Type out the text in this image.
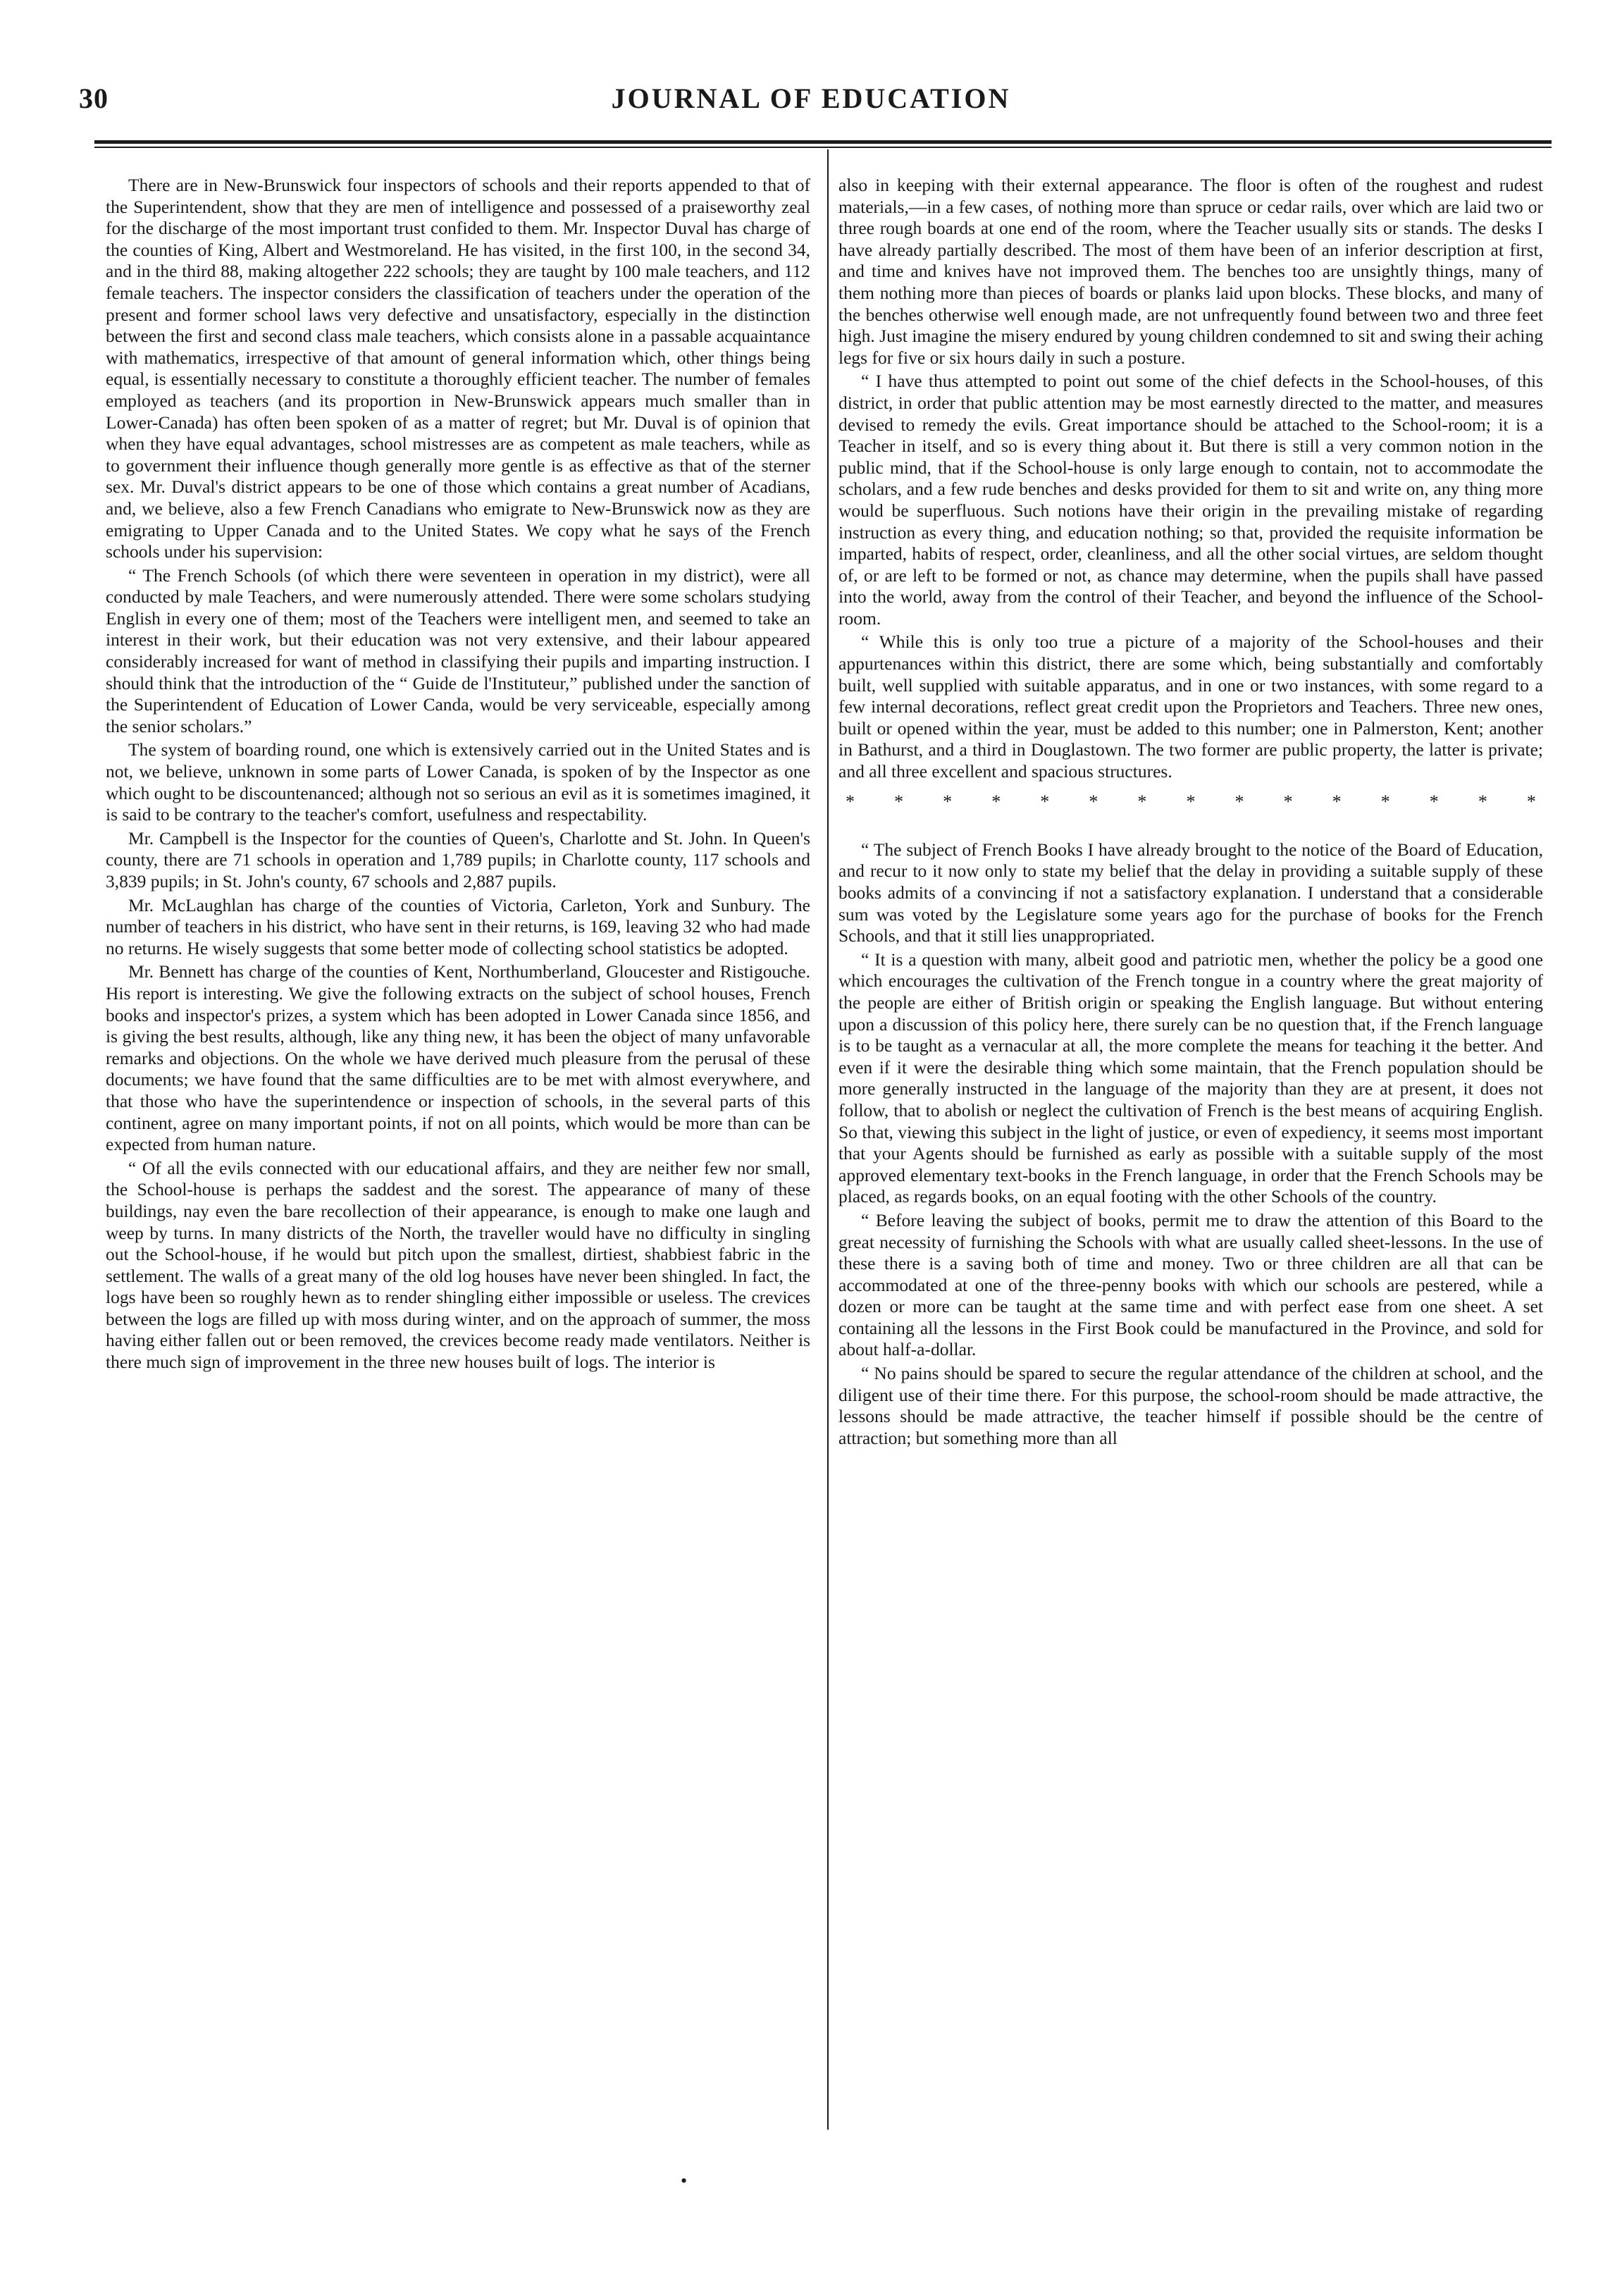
30	JOURNAL OF EDUCATION

There are in New-Brunswick four inspectors of schools and their reports appended to that of the Superintendent, show that they are men of intelligence and possessed of a praiseworthy zeal for the discharge of the most important trust confided to them. Mr. Inspector Duval has charge of the counties of King, Albert and Westmoreland. He has visited, in the first 100, in the second 34, and in the third 88, making altogether 222 schools; they are taught by 100 male teachers, and 112 female teachers. The inspector considers the classification of teachers under the operation of the present and former school laws very defective and unsatisfactory, especially in the distinction between the first and second class male teachers, which consists alone in a passable acquaintance with mathematics, irrespective of that amount of general information which, other things being equal, is essentially necessary to constitute a thoroughly efficient teacher. The number of females employed as teachers (and its proportion in New-Brunswick appears much smaller than in Lower-Canada) has often been spoken of as a matter of regret; but Mr. Duval is of opinion that when they have equal advantages, school mistresses are as competent as male teachers, while as to government their influence though generally more gentle is as effective as that of the sterner sex. Mr. Duval's district appears to be one of those which contains a great number of Acadians, and, we believe, also a few French Canadians who emigrate to New-Brunswick now as they are emigrating to Upper Canada and to the United States. We copy what he says of the French schools under his supervision:

“ The French Schools (of which there were seventeen in operation in my district), were all conducted by male Teachers, and were numerously attended. There were some scholars studying English in every one of them; most of the Teachers were intelligent men, and seemed to take an interest in their work, but their education was not very extensive, and their labour appeared considerably increased for want of method in classifying their pupils and imparting instruction. I should think that the introduction of the “ Guide de l'Instituteur,” published under the sanction of the Superintendent of Education of Lower Canda, would be very serviceable, especially among the senior scholars.”

The system of boarding round, one which is extensively carried out in the United States and is not, we believe, unknown in some parts of Lower Canada, is spoken of by the Inspector as one which ought to be discountenanced; although not so serious an evil as it is sometimes imagined, it is said to be contrary to the teacher's comfort, usefulness and respectability.

Mr. Campbell is the Inspector for the counties of Queen's, Charlotte and St. John. In Queen's county, there are 71 schools in operation and 1,789 pupils; in Charlotte county, 117 schools and 3,839 pupils; in St. John's county, 67 schools and 2,887 pupils.

Mr. McLaughlan has charge of the counties of Victoria, Carleton, York and Sunbury. The number of teachers in his district, who have sent in their returns, is 169, leaving 32 who had made no returns. He wisely suggests that some better mode of collecting school statistics be adopted.

Mr. Bennett has charge of the counties of Kent, Northumberland, Gloucester and Ristigouche. His report is interesting. We give the following extracts on the subject of school houses, French books and inspector's prizes, a system which has been adopted in Lower Canada since 1856, and is giving the best results, although, like any thing new, it has been the object of many unfavorable remarks and objections. On the whole we have derived much pleasure from the perusal of these documents; we have found that the same difficulties are to be met with almost everywhere, and that those who have the superintendence or inspection of schools, in the several parts of this continent, agree on many important points, if not on all points, which would be more than can be expected from human nature.

“ Of all the evils connected with our educational affairs, and they are neither few nor small, the School-house is perhaps the saddest and the sorest. The appearance of many of these buildings, nay even the bare recollection of their appearance, is enough to make one laugh and weep by turns. In many districts of the North, the traveller would have no difficulty in singling out the School-house, if he would but pitch upon the smallest, dirtiest, shabbiest fabric in the settlement. The walls of a great many of the old log houses have never been shingled. In fact, the logs have been so roughly hewn as to render shingling either impossible or useless. The crevices between the logs are filled up with moss during winter, and on the approach of summer, the moss having either fallen out or been removed, the crevices become ready made ventilators. Neither is there much sign of improvement in the three new houses built of logs. The interior is

also in keeping with their external appearance. The floor is often of the roughest and rudest materials,—in a few cases, of nothing more than spruce or cedar rails, over which are laid two or three rough boards at one end of the room, where the Teacher usually sits or stands. The desks I have already partially described. The most of them have been of an inferior description at first, and time and knives have not improved them. The benches too are unsightly things, many of them nothing more than pieces of boards or planks laid upon blocks. These blocks, and many of the benches otherwise well enough made, are not unfrequently found between two and three feet high. Just imagine the misery endured by young children condemned to sit and swing their aching legs for five or six hours daily in such a posture.

“ I have thus attempted to point out some of the chief defects in the School-houses, of this district, in order that public attention may be most earnestly directed to the matter, and measures devised to remedy the evils. Great importance should be attached to the School-room; it is a Teacher in itself, and so is every thing about it. But there is still a very common notion in the public mind, that if the School-house is only large enough to contain, not to accommodate the scholars, and a few rude benches and desks provided for them to sit and write on, any thing more would be superfluous. Such notions have their origin in the prevailing mistake of regarding instruction as every thing, and education nothing; so that, provided the requisite information be imparted, habits of respect, order, cleanliness, and all the other social virtues, are seldom thought of, or are left to be formed or not, as chance may determine, when the pupils shall have passed into the world, away from the control of their Teacher, and beyond the influence of the School-room.

“ While this is only too true a picture of a majority of the School-houses and their appurtenances within this district, there are some which, being substantially and comfortably built, well supplied with suitable apparatus, and in one or two instances, with some regard to a few internal decorations, reflect great credit upon the Proprietors and Teachers. Three new ones, built or opened within the year, must be added to this number; one in Palmerston, Kent; another in Bathurst, and a third in Douglastown. The two former are public property, the latter is private; and all three excellent and spacious structures.

* * * * * * * * * * * * * * *

“ The subject of French Books I have already brought to the notice of the Board of Education, and recur to it now only to state my belief that the delay in providing a suitable supply of these books admits of a convincing if not a satisfactory explanation. I understand that a considerable sum was voted by the Legislature some years ago for the purchase of books for the French Schools, and that it still lies unappropriated.

“ It is a question with many, albeit good and patriotic men, whether the policy be a good one which encourages the cultivation of the French tongue in a country where the great majority of the people are either of British origin or speaking the English language. But without entering upon a discussion of this policy here, there surely can be no question that, if the French language is to be taught as a vernacular at all, the more complete the means for teaching it the better. And even if it were the desirable thing which some maintain, that the French population should be more generally instructed in the language of the majority than they are at present, it does not follow, that to abolish or neglect the cultivation of French is the best means of acquiring English. So that, viewing this subject in the light of justice, or even of expediency, it seems most important that your Agents should be furnished as early as possible with a suitable supply of the most approved elementary text-books in the French language, in order that the French Schools may be placed, as regards books, on an equal footing with the other Schools of the country.

“ Before leaving the subject of books, permit me to draw the attention of this Board to the great necessity of furnishing the Schools with what are usually called sheet-lessons. In the use of these there is a saving both of time and money. Two or three children are all that can be accommodated at one of the three-penny books with which our schools are pestered, while a dozen or more can be taught at the same time and with perfect ease from one sheet. A set containing all the lessons in the First Book could be manufactured in the Province, and sold for about half-a-dollar.

“ No pains should be spared to secure the regular attendance of the children at school, and the diligent use of their time there. For this purpose, the school-room should be made attractive, the lessons should be made attractive, the teacher himself if possible should be the centre of attraction; but something more than all

•
